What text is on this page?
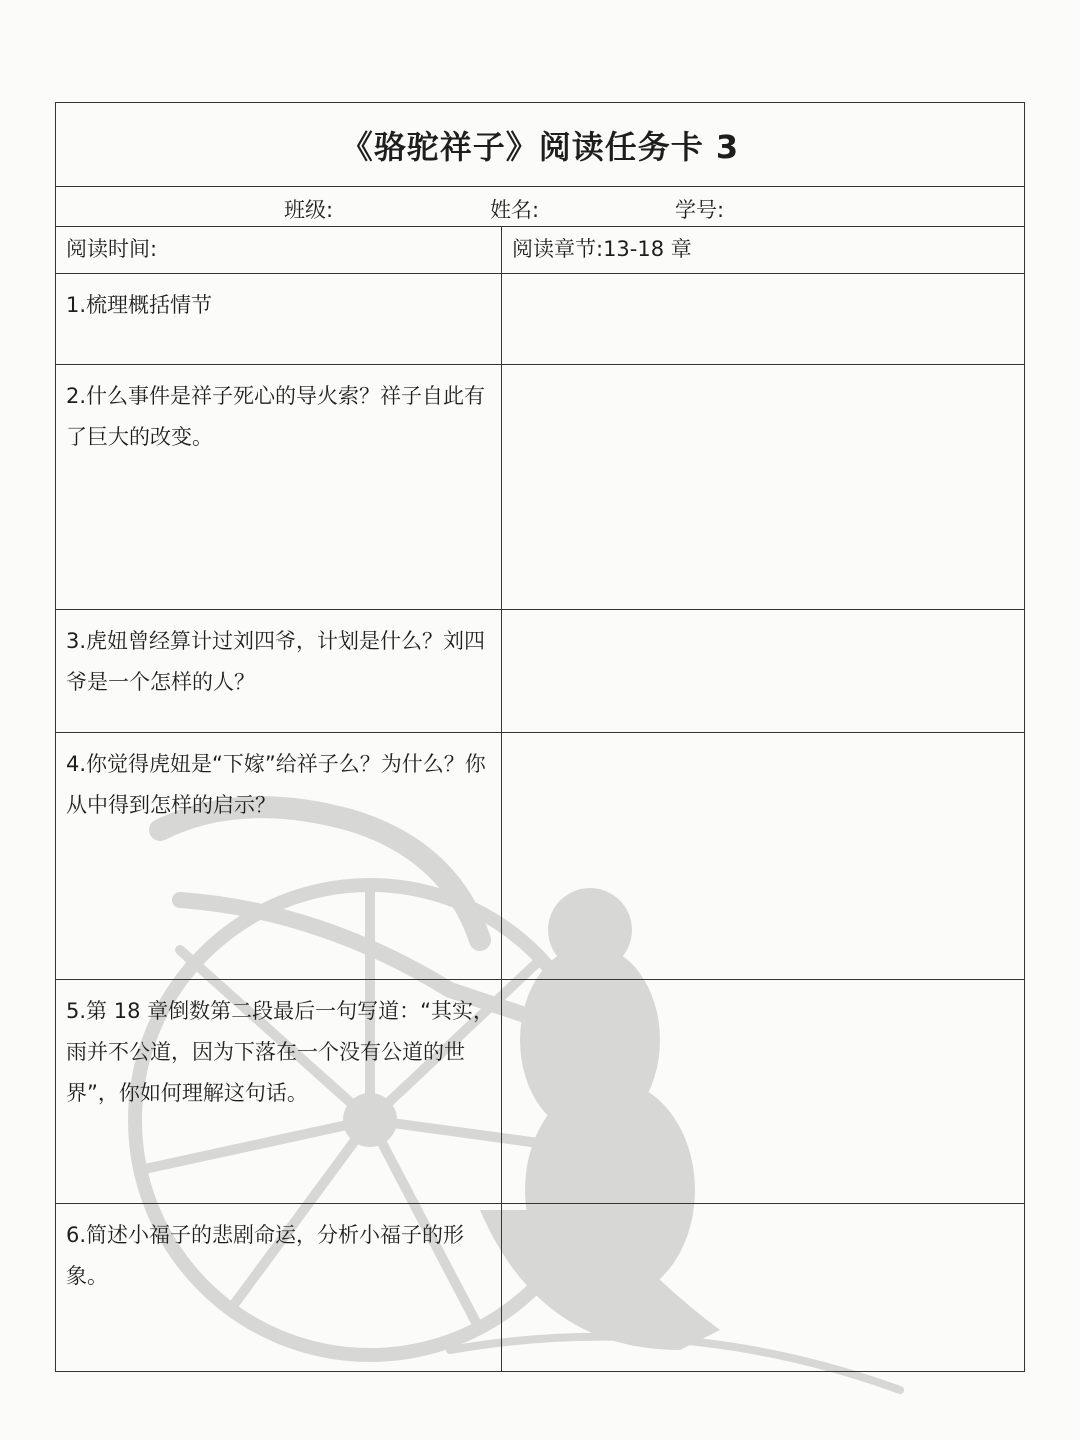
《骆驼祥子》阅读任务卡 3
班级:	姓名:	学号:
阅读时间:	阅读章节:13-18 章
1.梳理概括情节
2.什么事件是祥子死心的导火索？祥子自此有了巨大的改变。
3.虎妞曾经算计过刘四爷，计划是什么？刘四爷是一个怎样的人？
4.你觉得虎妞是“下嫁”给祥子么？为什么？你从中得到怎样的启示？
5.第 18 章倒数第二段最后一句写道：“其实，雨并不公道，因为下落在一个没有公道的世界”，你如何理解这句话。
6.简述小福子的悲剧命运，分析小福子的形象。
